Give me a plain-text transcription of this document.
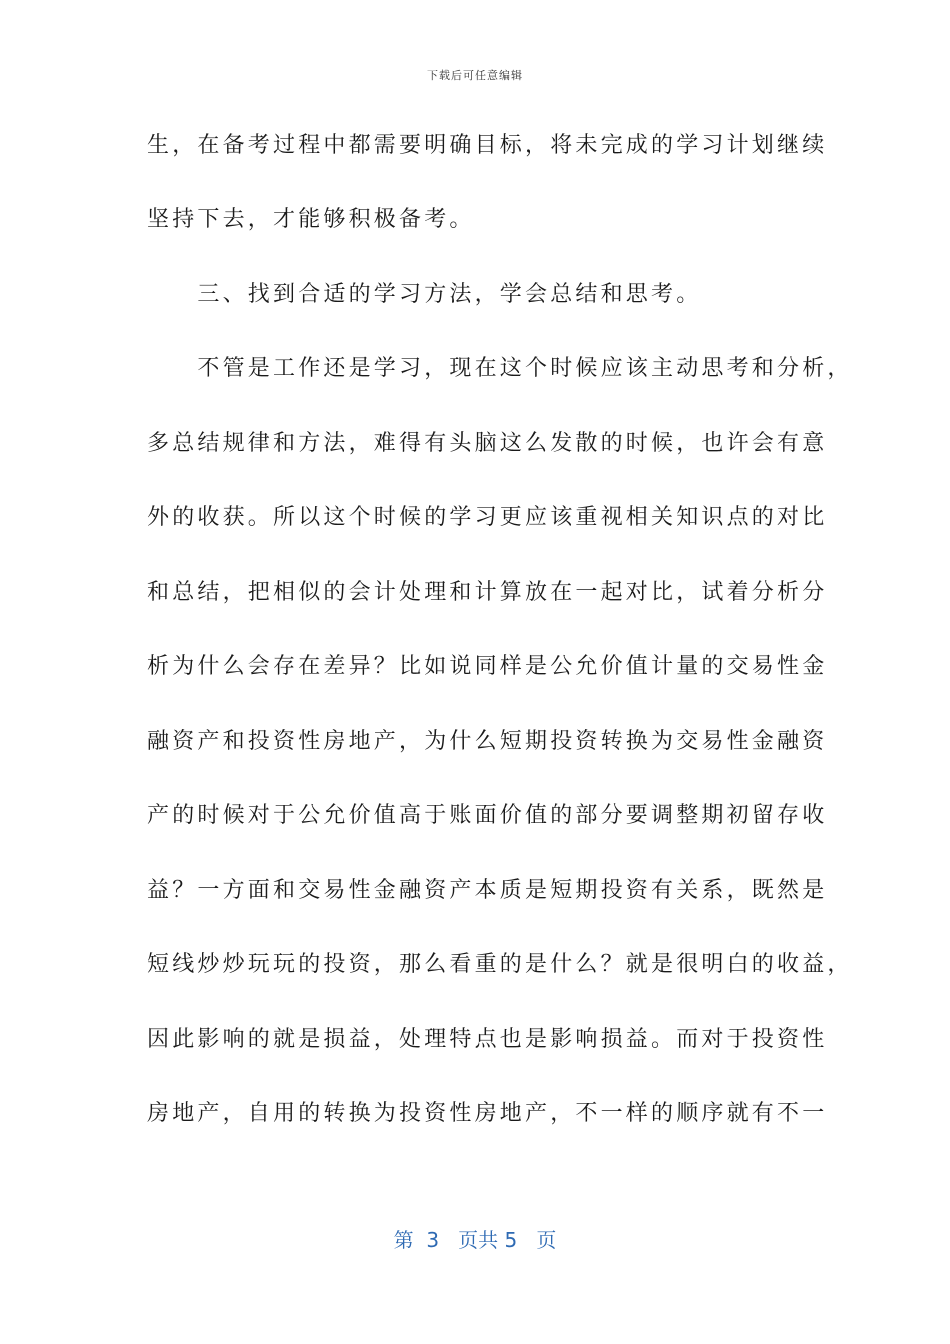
下载后可任意编辑
生，在备考过程中都需要明确目标，将未完成的学习计划继续
坚持下去，才能够积极备考。
　　三、找到合适的学习方法，学会总结和思考。
　　不管是工作还是学习，现在这个时候应该主动思考和分析，
多总结规律和方法，难得有头脑这么发散的时候，也许会有意
外的收获。所以这个时候的学习更应该重视相关知识点的对比
和总结，把相似的会计处理和计算放在一起对比，试着分析分
析为什么会存在差异？比如说同样是公允价值计量的交易性金
融资产和投资性房地产，为什么短期投资转换为交易性金融资
产的时候对于公允价值高于账面价值的部分要调整期初留存收
益？一方面和交易性金融资产本质是短期投资有关系，既然是
短线炒炒玩玩的投资，那么看重的是什么？就是很明白的收益，
因此影响的就是损益，处理特点也是影响损益。而对于投资性
房地产，自用的转换为投资性房地产，不一样的顺序就有不一
第  3   页共 5   页
